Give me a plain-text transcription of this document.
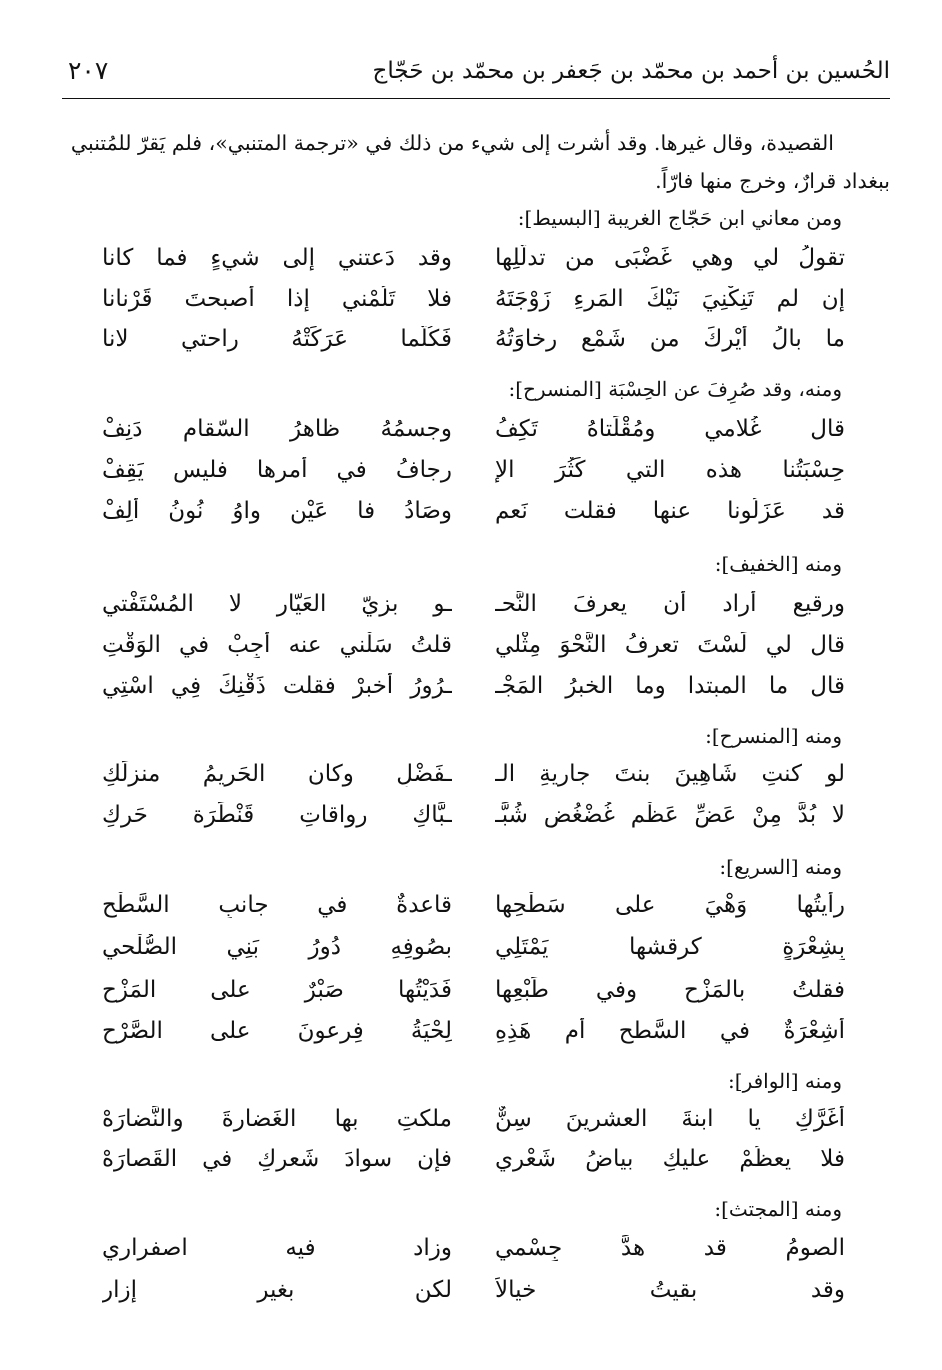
الحُسين بن أحمد بن محمّد بن جَعفر بن محمّد بن حَجّاج
٢٠٧
القصيدة، وقال غيرها. وقد أشرت إلى شيء من ذلك في «ترجمة المتنبي»، فلم يَقرّ للمُتنبي
ببغداد قرارٌ، وخرج منها فارّاً.
ومن معاني ابن حَجّاج الغريبة [البسيط]:
تقولُ لي وهي غَضْبَى من تدلُّلِها
وقد دَعتني إلى شيءٍ فما كانا
إن لم تَنِكْنِيَ نَيْكَ المَرءِ زَوْجَتَهُ
فلا تَلُمْني إذا أصبحتَ قَرْنانا
ما بالُ أَيْرِكَ من شَمْعٍ رخاوَتُهُ
فَكُلَّما عَرَكَتْهُ راحتي لانا
ومنه، وقد صُرِفَ عن الحِسْبَة [المنسرح]:
قال غُلامي ومُقْلَتاهُ تَكِفُ
وجسمُهُ ظاهرُ السّقام دَنِفْ
حِسْبَتُنا هذه التي كَثُرَ الإ
رجافُ في أمرها فليس يَقِفْ
قد عَزَلُونا عنها فقلت نَعم
وصَادُ فا عَيْن واوُ نُونُ أَلِفْ
ومنه [الخفيف]:
ورقيعٍ أراد أن يعرفَ النَّحـ
ـو بزِيّ العَيّارِ لا المُسْتَفْتي
قال لي لَسْتَ تعرفُ النَّحْوَ مِثْلي
قلتُ سَلْني عنه أُجِبْ في الوَقْتِ
قال ما المبتدا وما الخبرُ المَجْـ
ـرُورُ أخبرْ فقلت ذَقْنِكَ فِي اسْتِي
ومنه [المنسرح]:
لو كنتِ شَاهِينَ بنتَ جاريةِ الـ
ـفَضْلِ وكان الحَرِيمُ منزلَكِ
لا بُدَّ مِنْ عَضِّ عَظْمِ غُضْغُضِ شُبَّـ
ـبَّاكِ رواقاتِ قَنْطَرَة حَرِكِ
ومنه [السريع]:
رأيتُها وَهْيَ على سَطْحِها
قاعدةٌ في جانبِ السَّطْحِ
بِشِعْرَةٍ كرقشها يَمْتَلِي
بصُوفِهِ دُورُ بَنِي الصُّلْحي
فقلتُ بالمَزْحِ وفي طَبْعِها
فَدَيْتُها صَبْرٌ على المَزْحِ
أَشِعْرَةٌ في السَّطحِ أم هَذِهِ
لِحْيَةُ فِرعونَ على الصَّرْحِ
ومنه [الوافر]:
أَغَرَّكِ يا ابنةَ العشرينَ سِنٌّ
ملكتِ بها الغَضارةَ والنَّضارَهْ
فلا يعظُمْ عليكِ بياضُ شَعْري
فإن سوادَ شَعرِكِ في القَصارَهْ
ومنه [المجتث]:
الصومُ قد هدَّ جِسْمي
وزاد فيه اصفراري
وقد بقيتُ خيالاً
لكن بغيرِ إزارِ
